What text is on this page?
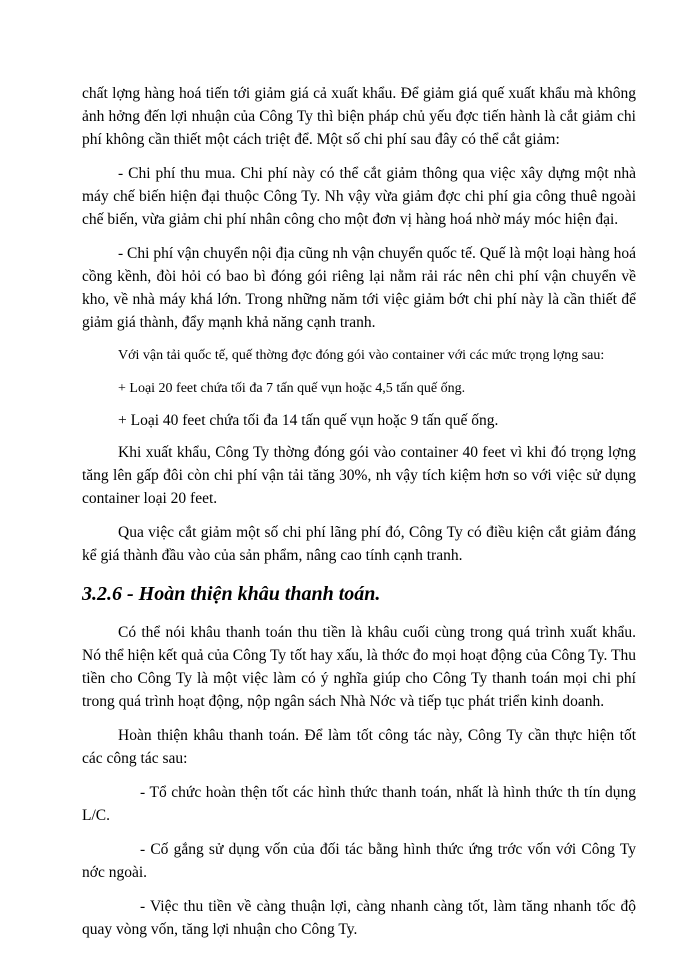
chất lợng hàng hoá tiến tới giảm giá cả xuất khẩu. Để giảm giá quế xuất khẩu mà không ảnh hởng đến lợi nhuận của Công Ty thì biện pháp chủ yếu đợc tiến hành là cắt giảm chi phí không cần thiết một cách triệt để. Một số chi phí sau đây có thể cắt giảm:

- Chi phí thu mua. Chi phí này có thể cắt giảm thông qua việc xây dựng một nhà máy chế biến hiện đại thuộc Công Ty. Nh vậy vừa giảm đợc chi phí gia công thuê ngoài chế biến, vừa giảm chi phí nhân công cho một đơn vị hàng hoá nhờ máy móc hiện đại.

- Chi phí vận chuyển nội địa cũng nh vận chuyển quốc tế. Quế là một loại hàng hoá cồng kềnh, đòi hỏi có bao bì đóng gói riêng lại nằm rải rác nên chi phí vận chuyển về kho, về nhà máy khá lớn. Trong những năm tới việc giảm bớt chi phí này là cần thiết để giảm giá thành, đẩy mạnh khả năng cạnh tranh.

Với vận tải quốc tế, quế thờng đợc đóng gói vào container với các mức trọng lợng sau:

+ Loại 20 feet chứa tối đa 7 tấn quế vụn hoặc 4,5 tấn quế ống.

+ Loại 40 feet chứa tối đa 14 tấn quế vụn hoặc 9 tấn quế ống.

Khi xuất khẩu, Công Ty thờng đóng gói vào container 40 feet vì khi đó trọng lợng tăng lên gấp đôi còn chi phí vận tải tăng 30%, nh vậy tích kiệm hơn so với việc sử dụng container loại 20 feet.

Qua việc cắt giảm một số chi phí lãng phí đó, Công Ty có điều kiện cắt giảm đáng kể giá thành đầu vào của sản phẩm, nâng cao tính cạnh tranh.

3.2.6 - Hoàn thiện khâu thanh toán.

Có thể nói khâu thanh toán thu tiền là khâu cuối cùng trong quá trình xuất khẩu. Nó thể hiện kết quả của Công Ty tốt hay xấu, là thớc đo mọi hoạt động của Công Ty. Thu tiền cho Công Ty là một việc làm có ý nghĩa giúp cho Công Ty thanh toán mọi chi phí trong quá trình hoạt động, nộp ngân sách Nhà Nớc và tiếp tục phát triển kinh doanh.

Hoàn thiện khâu thanh toán. Để làm tốt công tác này, Công Ty cần thực hiện tốt các công tác sau:

- Tổ chức hoàn thện tốt các hình thức thanh toán, nhất là hình thức th tín dụng L/C.

- Cố gắng sử dụng vốn của đối tác bằng hình thức ứng trớc vốn với Công Ty nớc ngoài.

- Việc thu tiền về càng thuận lợi, càng nhanh càng tốt, làm tăng nhanh tốc độ quay vòng vốn, tăng lợi nhuận cho Công Ty.
